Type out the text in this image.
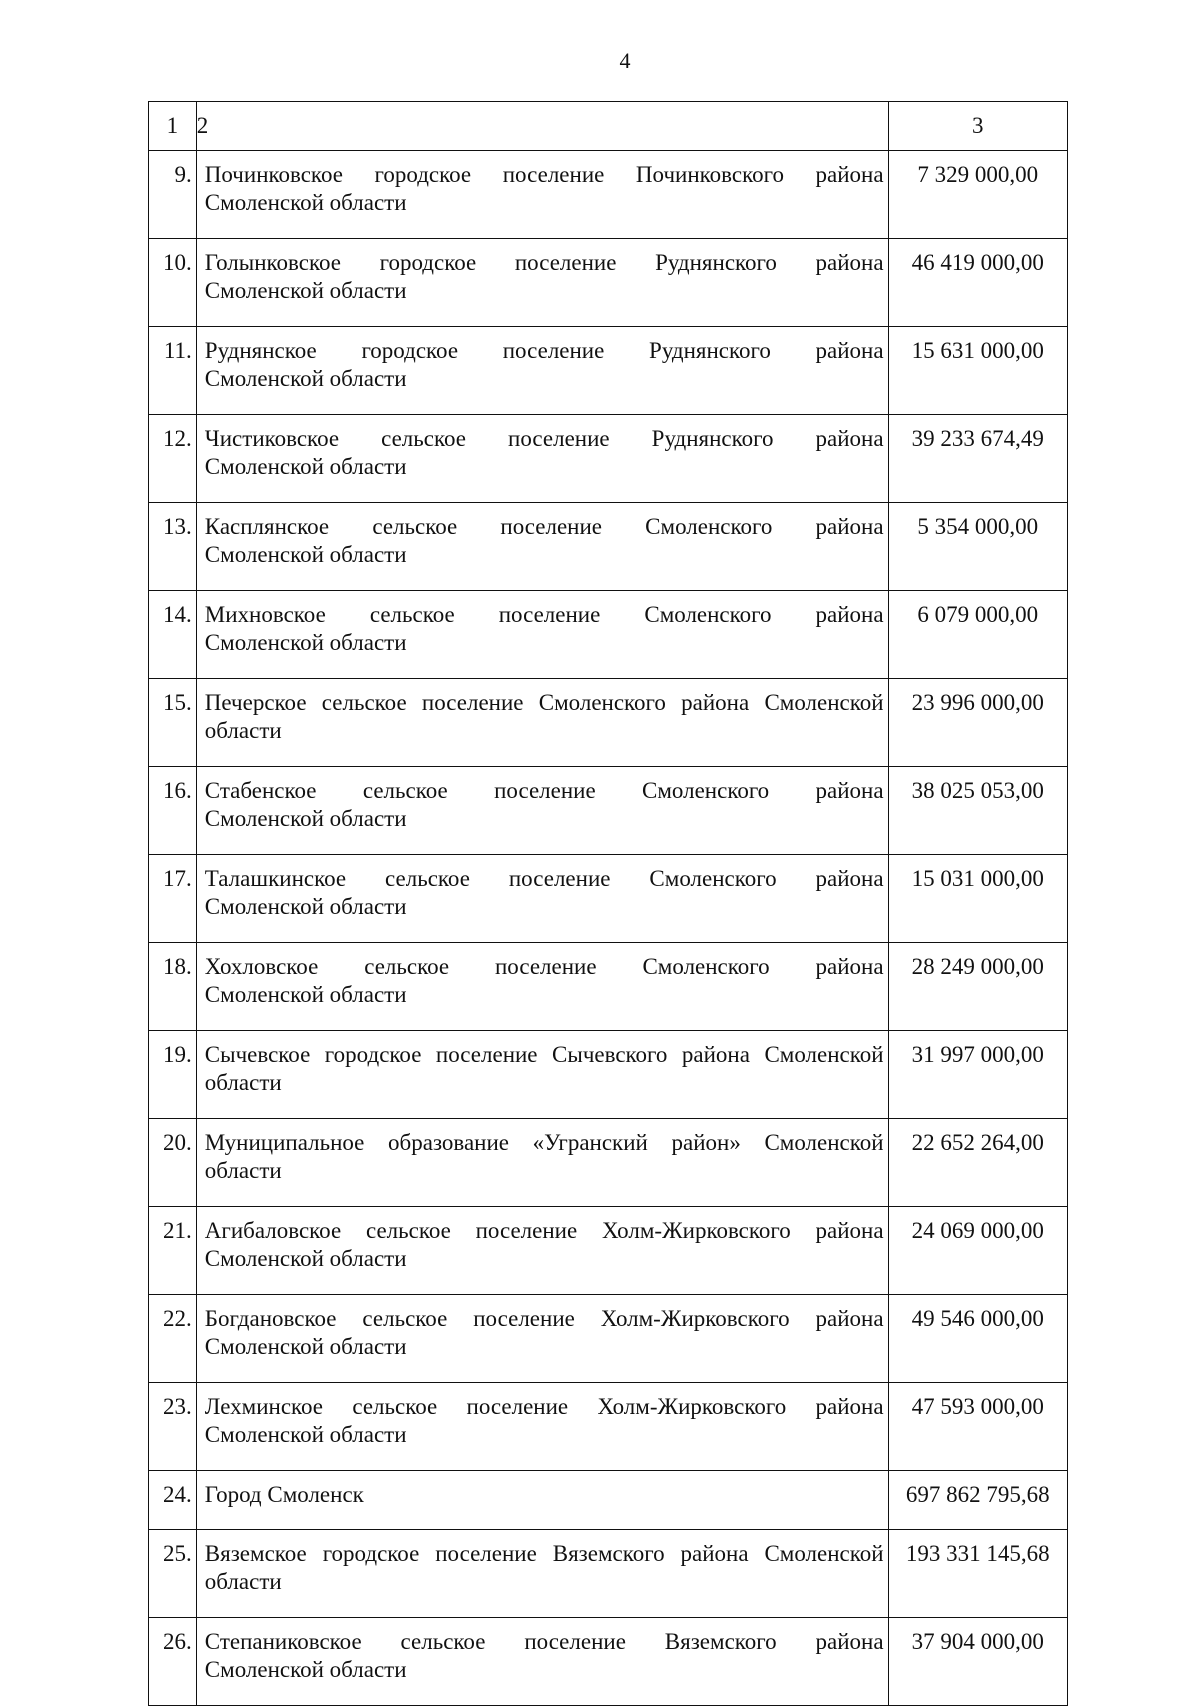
4
1	2	3
9.	Починковское городское поселение Починковского района
Смоленской области	7 329 000,00
10.	Голынковское городское поселение Руднянского района
Смоленской области	46 419 000,00
11.	Руднянское городское поселение Руднянского района
Смоленской области	15 631 000,00
12.	Чистиковское сельское поселение Руднянского района
Смоленской области	39 233 674,49
13.	Касплянское сельское поселение Смоленского района
Смоленской области	5 354 000,00
14.	Михновское сельское поселение Смоленского района
Смоленской области	6 079 000,00
15.	Печерское сельское поселение Смоленского района Смоленской
области	23 996 000,00
16.	Стабенское сельское поселение Смоленского района
Смоленской области	38 025 053,00
17.	Талашкинское сельское поселение Смоленского района
Смоленской области	15 031 000,00
18.	Хохловское сельское поселение Смоленского района
Смоленской области	28 249 000,00
19.	Сычевское городское поселение Сычевского района Смоленской
области	31 997 000,00
20.	Муниципальное образование «Угранский район» Смоленской
области	22 652 264,00
21.	Агибаловское сельское поселение Холм-Жирковского района
Смоленской области	24 069 000,00
22.	Богдановское сельское поселение Холм-Жирковского района
Смоленской области	49 546 000,00
23.	Лехминское сельское поселение Холм-Жирковского района
Смоленской области	47 593 000,00
24.	Город Смоленск	697 862 795,68
25.	Вяземское городское поселение Вяземского района Смоленской
области	193 331 145,68
26.	Степаниковское сельское поселение Вяземского района
Смоленской области	37 904 000,00
